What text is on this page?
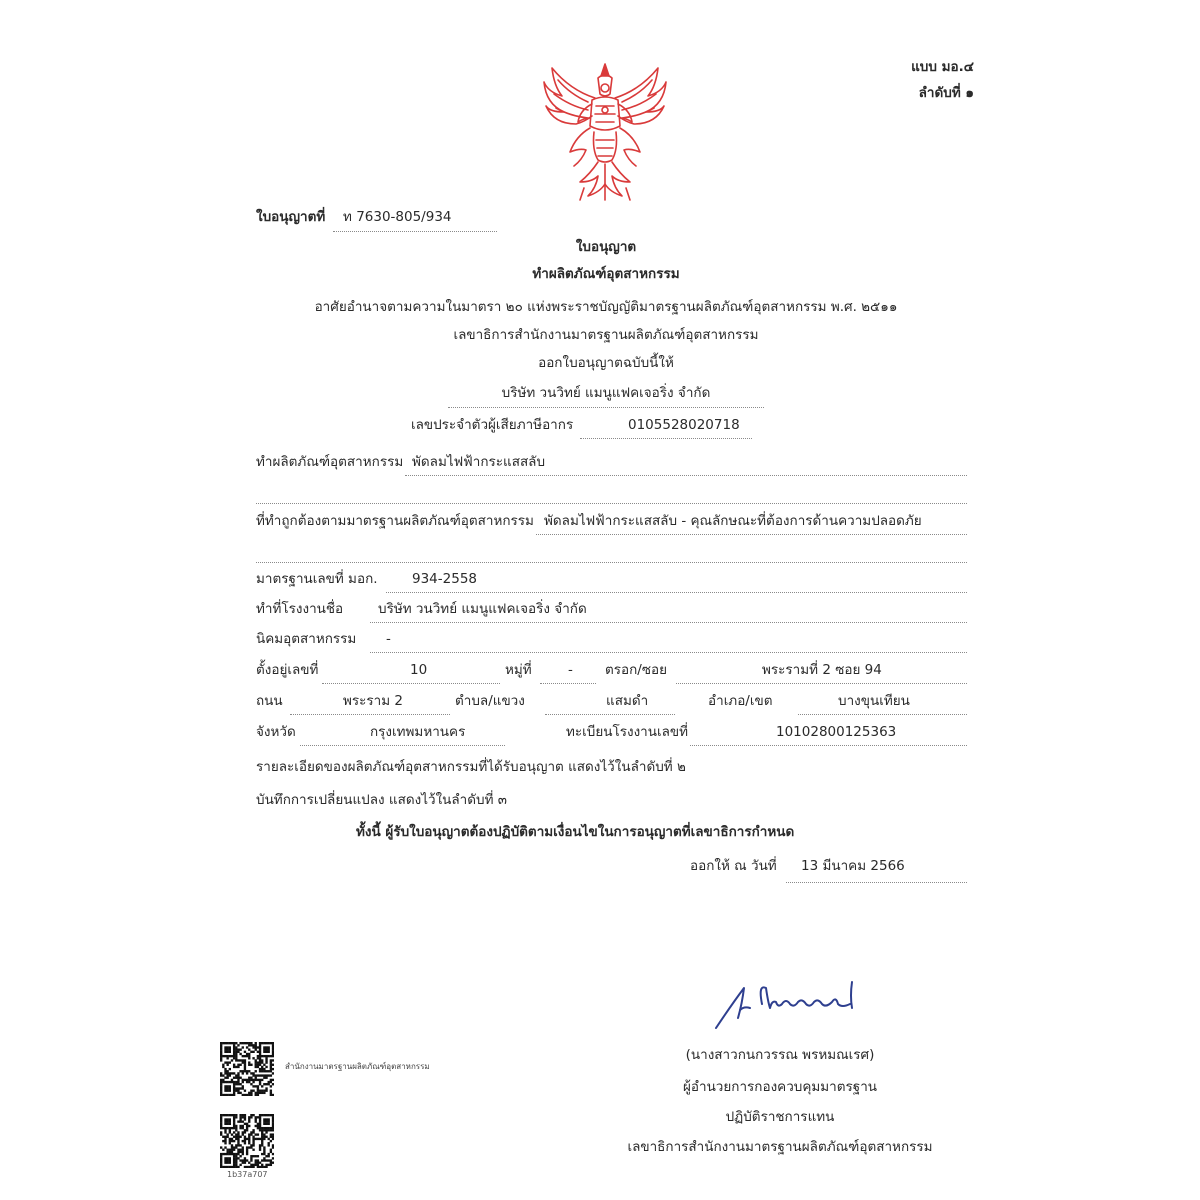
แบบ มอ.๔
ลำดับที่ ๑
ใบอนุญาตที่ ท 7630-805/934
ใบอนุญาต
ทำผลิตภัณฑ์อุตสาหกรรม
อาศัยอำนาจตามความในมาตรา ๒๐ แห่งพระราชบัญญัติมาตรฐานผลิตภัณฑ์อุตสาหกรรม พ.ศ. ๒๕๑๑
เลขาธิการสำนักงานมาตรฐานผลิตภัณฑ์อุตสาหกรรม
ออกใบอนุญาตฉบับนี้ให้
บริษัท วนวิทย์ แมนูแฟคเจอริ่ง จำกัด
เลขประจำตัวผู้เสียภาษีอากร	0105528020718
ทำผลิตภัณฑ์อุตสาหกรรม พัดลมไฟฟ้ากระแสสลับ
ที่ทำถูกต้องตามมาตรฐานผลิตภัณฑ์อุตสาหกรรม พัดลมไฟฟ้ากระแสสลับ - คุณลักษณะที่ต้องการด้านความปลอดภัย
มาตรฐานเลขที่ มอก.	934-2558
ทำที่โรงงานชื่อ	บริษัท วนวิทย์ แมนูแฟคเจอริ่ง จำกัด
นิคมอุตสาหกรรม -
ตั้งอยู่เลขที่	10	หมู่ที่	- ตรอก/ซอย	พระรามที่ 2 ซอย 94
ถนน	พระราม 2	ตำบล/แขวง	แสมดำ	อำเภอ/เขต	บางขุนเทียน
จังหวัด	กรุงเทพมหานคร	ทะเบียนโรงงานเลขที่	10102800125363
รายละเอียดของผลิตภัณฑ์อุตสาหกรรมที่ได้รับอนุญาต แสดงไว้ในลำดับที่ ๒
บันทึกการเปลี่ยนแปลง แสดงไว้ในลำดับที่ ๓
ทั้งนี้ ผู้รับใบอนุญาตต้องปฏิบัติตามเงื่อนไขในการอนุญาตที่เลขาธิการกำหนด
ออกให้ ณ วันที่ 13 มีนาคม 2566
(นางสาวกนกวรรณ พรหมณเรศ)
ผู้อำนวยการกองควบคุมมาตรฐาน
ปฏิบัติราชการแทน
เลขาธิการสำนักงานมาตรฐานผลิตภัณฑ์อุตสาหกรรม
สำนักงานมาตรฐานผลิตภัณฑ์อุตสาหกรรม
1b37a707
